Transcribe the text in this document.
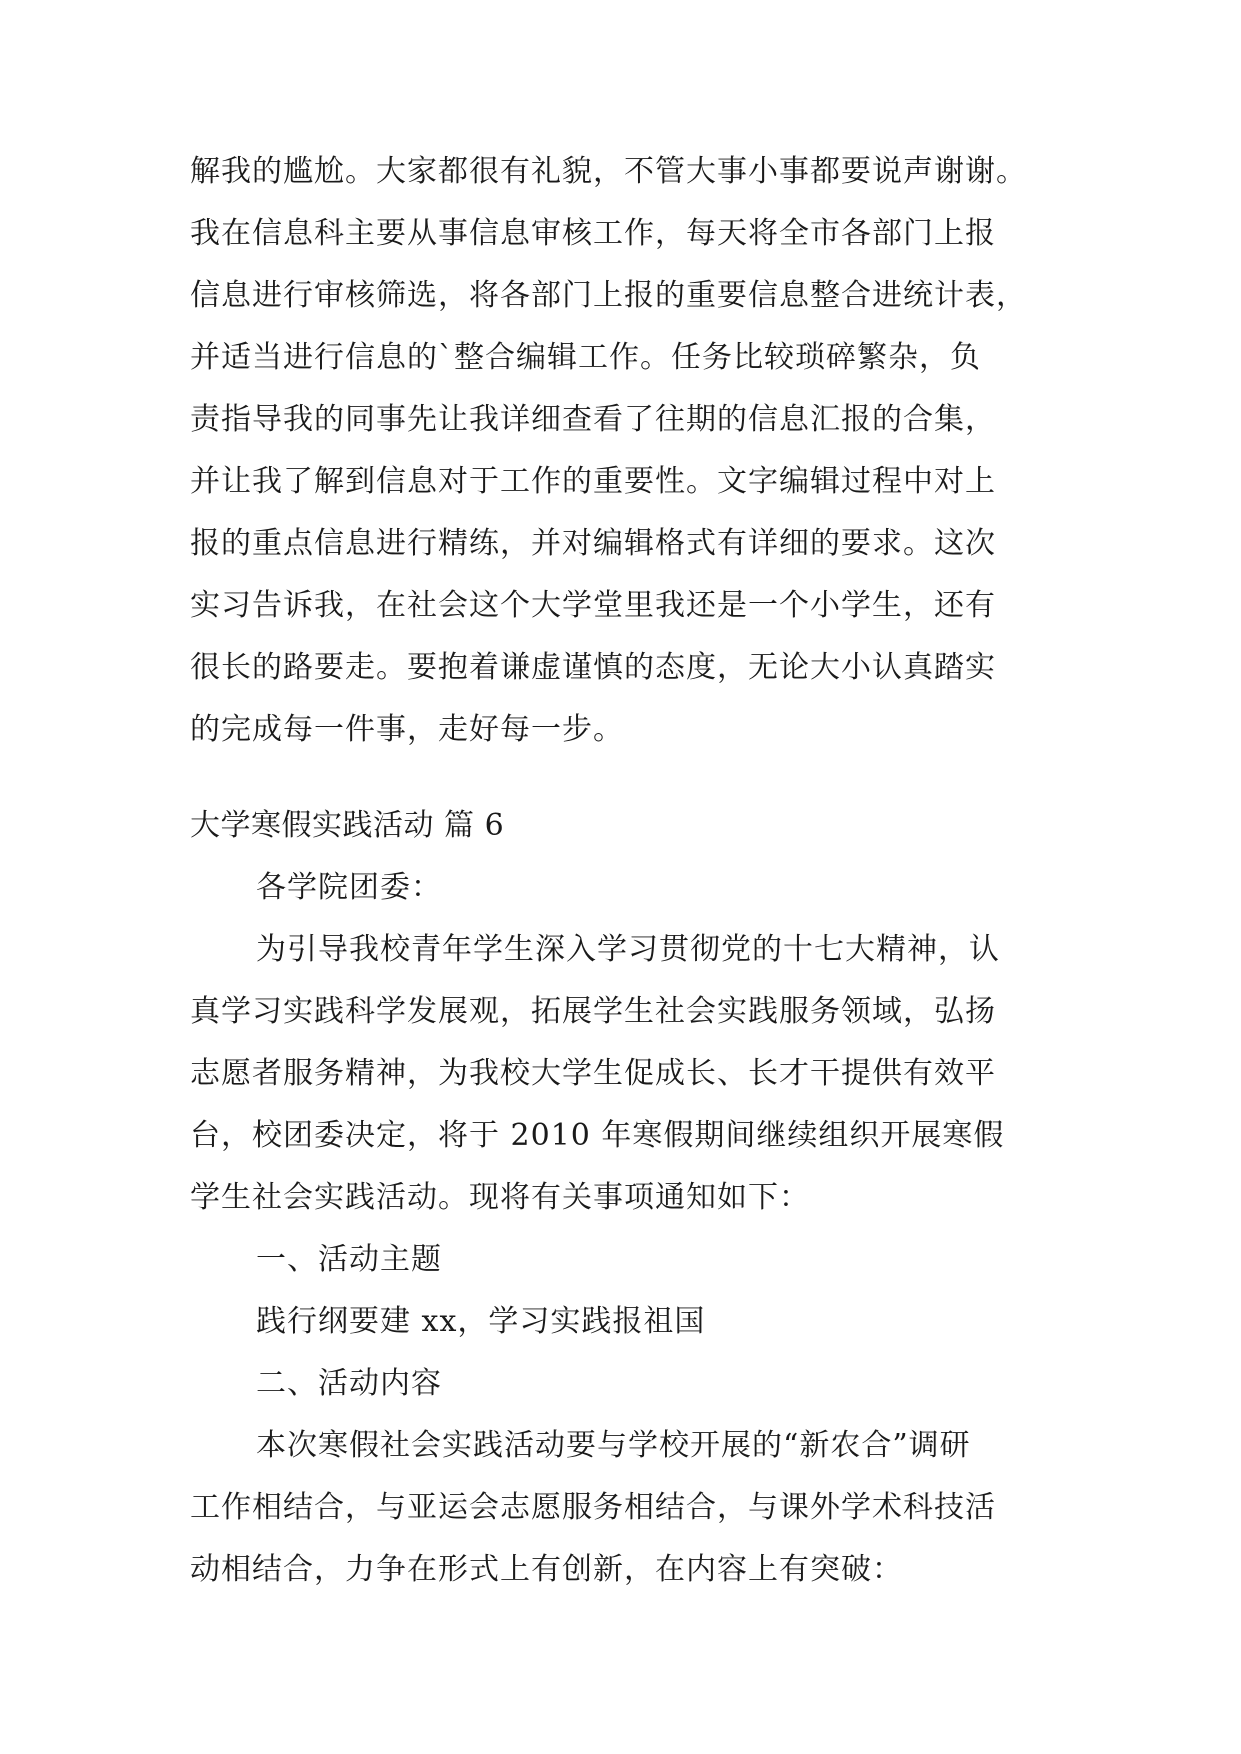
解我的尴尬。大家都很有礼貌，不管大事小事都要说声谢谢。
我在信息科主要从事信息审核工作，每天将全市各部门上报
信息进行审核筛选，将各部门上报的重要信息整合进统计表，
并适当进行信息的`整合编辑工作。任务比较琐碎繁杂，负
责指导我的同事先让我详细查看了往期的信息汇报的合集，
并让我了解到信息对于工作的重要性。文字编辑过程中对上
报的重点信息进行精练，并对编辑格式有详细的要求。这次
实习告诉我，在社会这个大学堂里我还是一个小学生，还有
很长的路要走。要抱着谦虚谨慎的态度，无论大小认真踏实
的完成每一件事，走好每一步。
大学寒假实践活动 篇 6
各学院团委：
为引导我校青年学生深入学习贯彻党的十七大精神，认
真学习实践科学发展观，拓展学生社会实践服务领域，弘扬
志愿者服务精神，为我校大学生促成长、长才干提供有效平
台，校团委决定，将于 2010 年寒假期间继续组织开展寒假
学生社会实践活动。现将有关事项通知如下：
一、活动主题
践行纲要建 xx，学习实践报祖国
二、活动内容
本次寒假社会实践活动要与学校开展的“新农合”调研
工作相结合，与亚运会志愿服务相结合，与课外学术科技活
动相结合，力争在形式上有创新，在内容上有突破：
